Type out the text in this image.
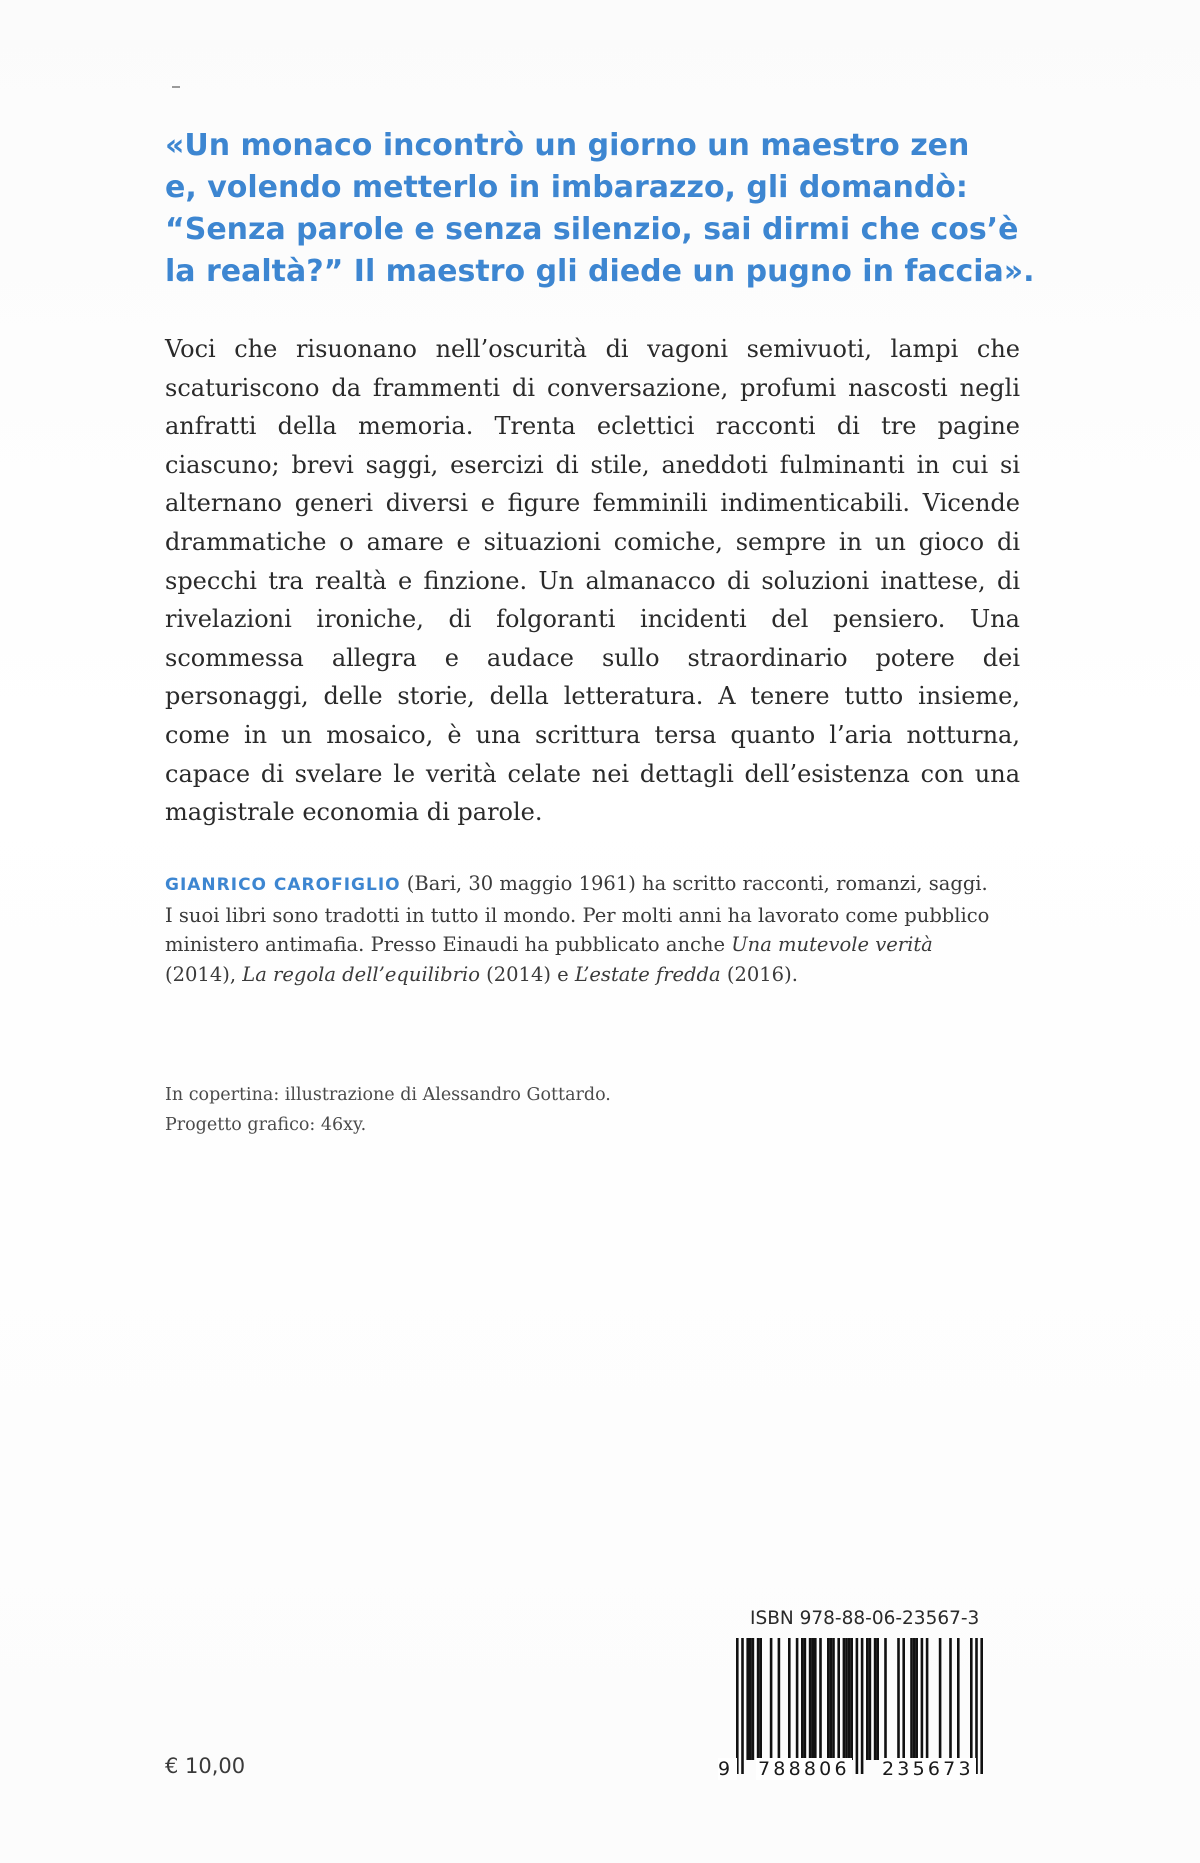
«Un monaco incontrò un giorno un maestro zen
e, volendo metterlo in imbarazzo, gli domandò:
“Senza parole e senza silenzio, sai dirmi che cos’è
la realtà?” Il maestro gli diede un pugno in faccia».
Voci che risuonano nell’oscurità di vagoni semivuoti, lampi che scaturiscono da frammenti di conversazione, profumi nascosti negli anfratti della memoria. Trenta eclettici racconti di tre pagine ciascuno; brevi saggi, esercizi di stile, aneddoti fulminanti in cui si alternano generi diversi e figure femminili indimenticabili. Vicende drammatiche o amare e situazioni comiche, sempre in un gioco di specchi tra realtà e finzione. Un almanacco di soluzioni inattese, di rivelazioni ironiche, di folgoranti incidenti del pensiero. Una scommessa allegra e audace sullo straordinario potere dei personaggi, delle storie, della letteratura. A tenere tutto insieme, come in un mosaico, è una scrittura tersa quanto l’aria notturna, capace di svelare le verità celate nei dettagli dell’esistenza con una magistrale economia di parole.
GIANRICO CAROFIGLIO (Bari, 30 maggio 1961) ha scritto racconti, romanzi, saggi. I suoi libri sono tradotti in tutto il mondo. Per molti anni ha lavorato come pubblico ministero antimafia. Presso Einaudi ha pubblicato anche Una mutevole verità (2014), La regola dell’equilibrio (2014) e L’estate fredda (2016).
In copertina: illustrazione di Alessandro Gottardo.
Progetto grafico: 46xy.
ISBN 978-88-06-23567-3
9 788806 235673
€ 10,00
